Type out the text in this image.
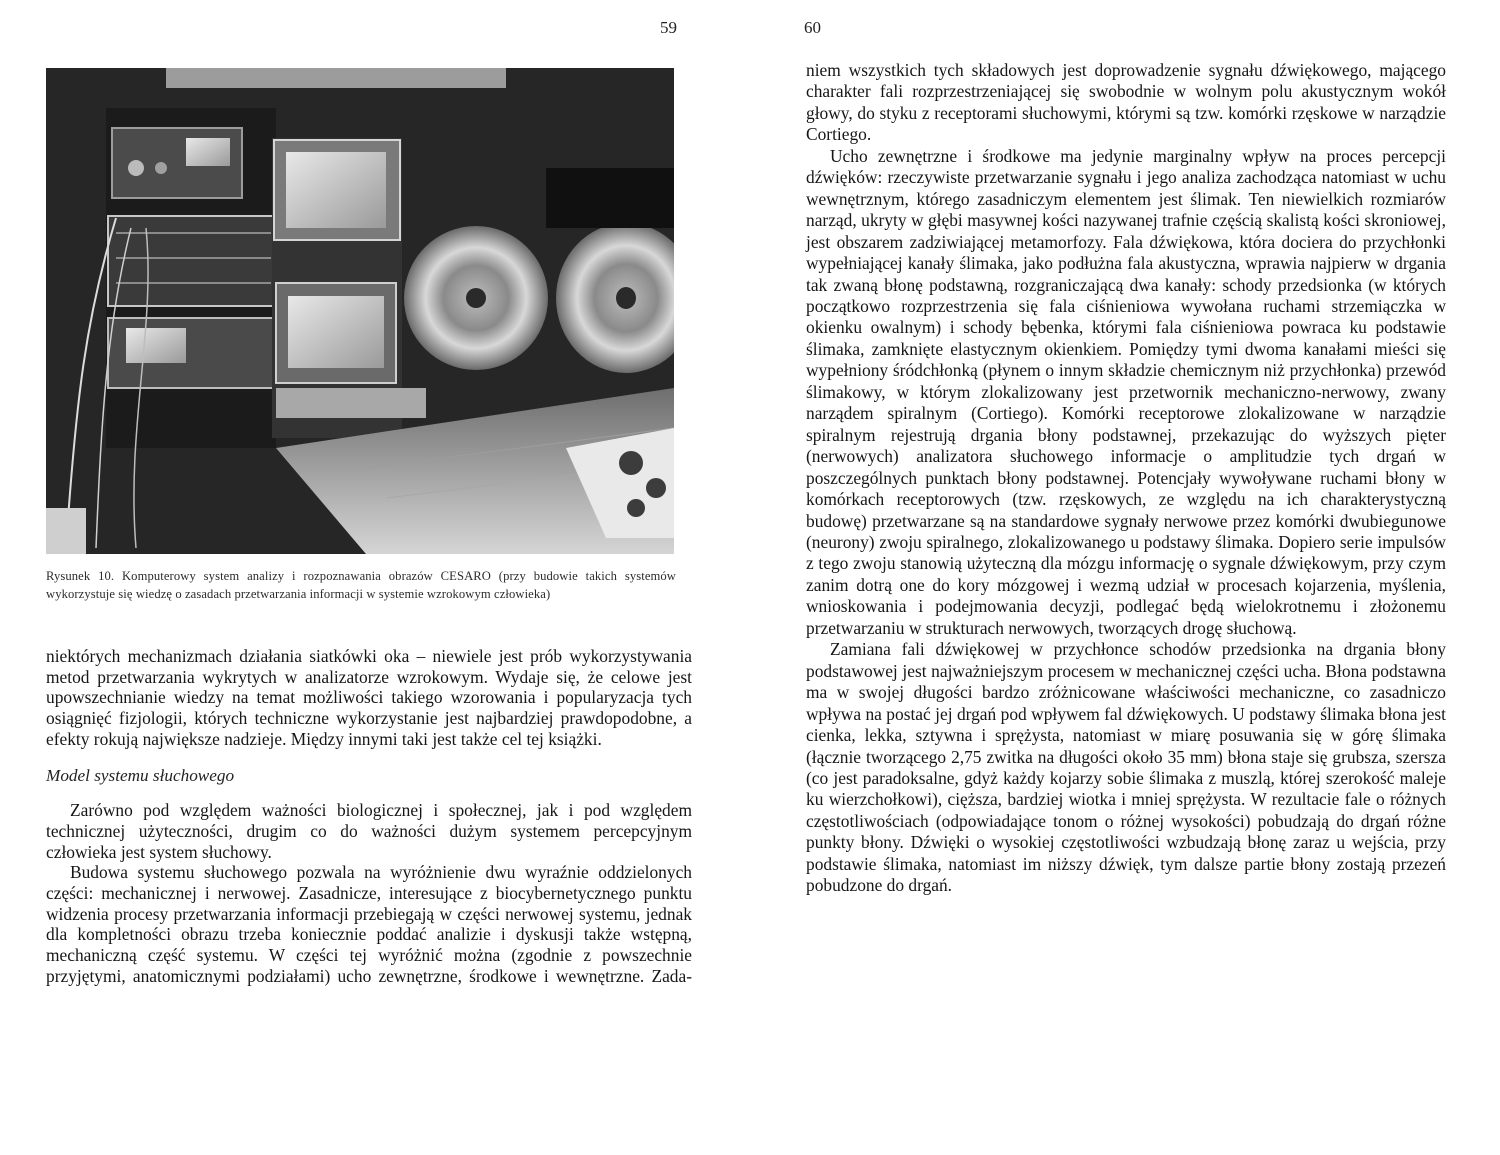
59
Rysunek 10. Komputerowy system analizy i rozpoznawania obrazów CESARO (przy budowie takich systemów wykorzystuje się wiedzę o zasadach przetwarzania informacji w systemie wzrokowym człowieka)

niektórych mechanizmach działania siatkówki oka – niewiele jest prób wykorzystywania metod przetwarzania wykrytych w analizatorze wzrokowym. Wydaje się, że celowe jest upowszechnianie wiedzy na temat możliwości takiego wzorowania i popularyzacja tych osiągnięć fizjologii, których techniczne wykorzystanie jest najbardziej prawdopodobne, a efekty rokują największe nadzieje. Między innymi taki jest także cel tej książki.

Model systemu słuchowego

Zarówno pod względem ważności biologicznej i społecznej, jak i pod względem technicznej użyteczności, drugim co do ważności dużym systemem percepcyjnym człowieka jest system słuchowy.

Budowa systemu słuchowego pozwala na wyróżnienie dwu wyraźnie oddzielonych części: mechanicznej i nerwowej. Zasadnicze, interesujące z biocybernetycznego punktu widzenia procesy przetwarzania informacji przebiegają w części nerwowej systemu, jednak dla kompletności obrazu trzeba koniecznie poddać analizie i dyskusji także wstępną, mechaniczną część systemu. W części tej wyróżnić można (zgodnie z powszechnie przyjętymi, anatomicznymi podziałami) ucho zewnętrzne, środkowe i wewnętrzne. Zada-

60

niem wszystkich tych składowych jest doprowadzenie sygnału dźwiękowego, mającego charakter fali rozprzestrzeniającej się swobodnie w wolnym polu akustycznym wokół głowy, do styku z receptorami słuchowymi, którymi są tzw. komórki rzęskowe w narządzie Cortiego.

Ucho zewnętrzne i środkowe ma jedynie marginalny wpływ na proces percepcji dźwięków: rzeczywiste przetwarzanie sygnału i jego analiza zachodząca natomiast w uchu wewnętrznym, którego zasadniczym elementem jest ślimak. Ten niewielkich rozmiarów narząd, ukryty w głębi masywnej kości nazywanej trafnie częścią skalistą kości skroniowej, jest obszarem zadziwiającej metamorfozy. Fala dźwiękowa, która dociera do przychłonki wypełniającej kanały ślimaka, jako podłużna fala akustyczna, wprawia najpierw w drgania tak zwaną błonę podstawną, rozgraniczającą dwa kanały: schody przedsionka (w których początkowo rozprzestrzenia się fala ciśnieniowa wywołana ruchami strzemiączka w okienku owalnym) i schody bębenka, którymi fala ciśnieniowa powraca ku podstawie ślimaka, zamknięte elastycznym okienkiem. Pomiędzy tymi dwoma kanałami mieści się wypełniony śródchłonką (płynem o innym składzie chemicznym niż przychłonka) przewód ślimakowy, w którym zlokalizowany jest przetwornik mechaniczno-nerwowy, zwany narządem spiralnym (Cortiego). Komórki receptorowe zlokalizowane w narządzie spiralnym rejestrują drgania błony podstawnej, przekazując do wyższych pięter (nerwowych) analizatora słuchowego informacje o amplitudzie tych drgań w poszczególnych punktach błony podstawnej. Potencjały wywoływane ruchami błony w komórkach receptorowych (tzw. rzęskowych, ze względu na ich charakterystyczną budowę) przetwarzane są na standardowe sygnały nerwowe przez komórki dwubiegunowe (neurony) zwoju spiralnego, zlokalizowanego u podstawy ślimaka. Dopiero serie impulsów z tego zwoju stanowią użyteczną dla mózgu informację o sygnale dźwiękowym, przy czym zanim dotrą one do kory mózgowej i wezmą udział w procesach kojarzenia, myślenia, wnioskowania i podejmowania decyzji, podlegać będą wielokrotnemu i złożonemu przetwarzaniu w strukturach nerwowych, tworzących drogę słuchową.

Zamiana fali dźwiękowej w przychłonce schodów przedsionka na drgania błony podstawowej jest najważniejszym procesem w mechanicznej części ucha. Błona podstawna ma w swojej długości bardzo zróżnicowane właściwości mechaniczne, co zasadniczo wpływa na postać jej drgań pod wpływem fal dźwiękowych. U podstawy ślimaka błona jest cienka, lekka, sztywna i sprężysta, natomiast w miarę posuwania się w górę ślimaka (łącznie tworzącego 2,75 zwitka na długości około 35 mm) błona staje się grubsza, szersza (co jest paradoksalne, gdyż każdy kojarzy sobie ślimaka z muszlą, której szerokość maleje ku wierzchołkowi), cięższa, bardziej wiotka i mniej sprężysta. W rezultacie fale o różnych częstotliwościach (odpowiadające tonom o różnej wysokości) pobudzają do drgań różne punkty błony. Dźwięki o wysokiej częstotliwości wzbudzają błonę zaraz u wejścia, przy podstawie ślimaka, natomiast im niższy dźwięk, tym dalsze partie błony zostają przezeń pobudzone do drgań.
